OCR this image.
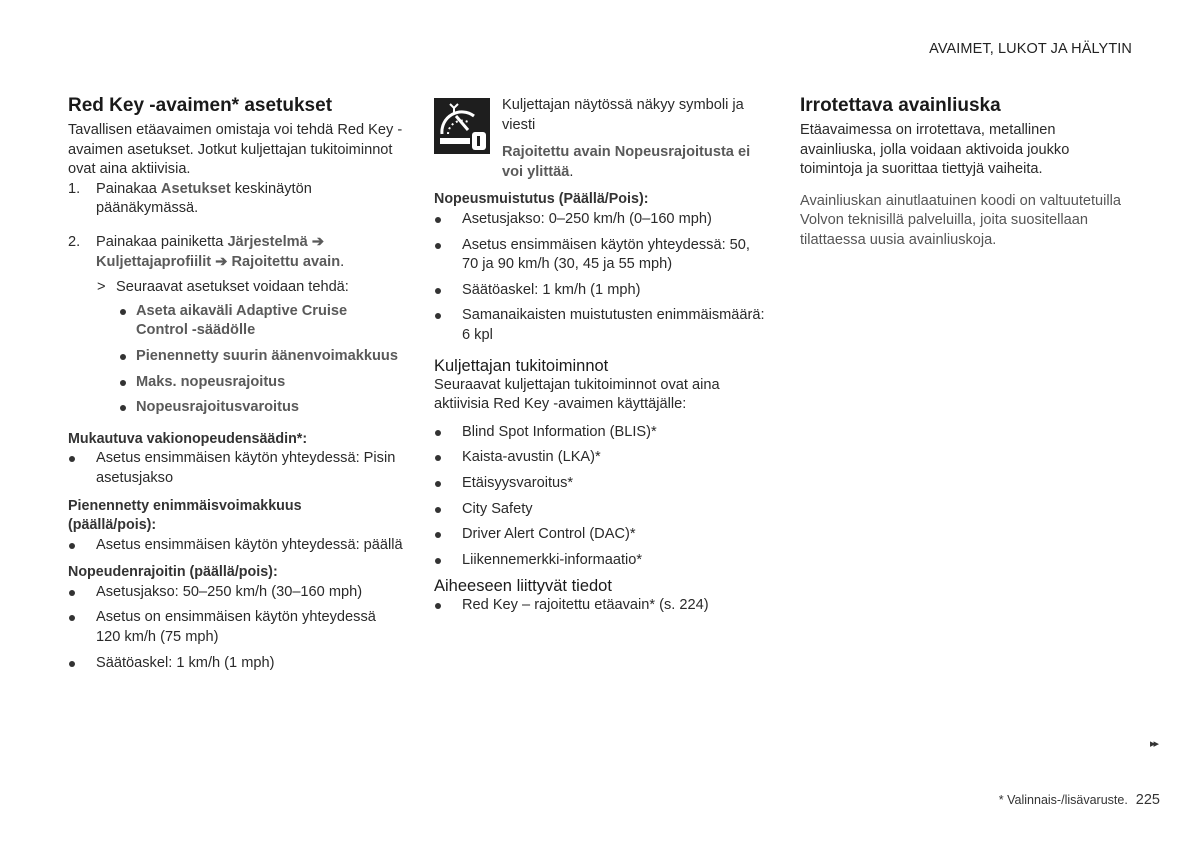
AVAIMET, LUKOT JA HÄLYTIN
Red Key -avaimen* asetukset

Tavallisen etäavaimen omistaja voi tehdä Red Key -avaimen asetukset. Jotkut kuljettajan tukitoiminnot ovat aina aktiivisia.

1. Painakaa Asetukset keskinäytön päänäkymässä.
2. Painakaa painiketta Järjestelmä ➔
Kuljettajaprofiilit ➔ Rajoitettu avain.
> Seuraavat asetukset voidaan tehdä:
Aseta aikaväli Adaptive Cruise Control -säädölle
Pienennetty suurin äänenvoimakkuus
Maks. nopeusrajoitus
Nopeusrajoitusvaroitus
Mukautuva vakionopeudensäädin*:
Asetus ensimmäisen käytön yhteydessä: Pisin asetusjakso
Pienennetty enimmäisvoimakkuus (päällä/pois):
Asetus ensimmäisen käytön yhteydessä: päällä
Nopeudenrajoitin (päällä/pois):
Asetusjakso: 50–250 km/h (30–160 mph)
Asetus on ensimmäisen käytön yhteydessä 120 km/h (75 mph)
Säätöaskel: 1 km/h (1 mph)

Kuljettajan näytössä näkyy symboli ja viesti

Rajoitettu avain Nopeusrajoitusta ei voi ylittää.

Nopeusmuistutus (Päällä/Pois):
Asetusjakso: 0–250 km/h (0–160 mph)
Asetus ensimmäisen käytön yhteydessä: 50, 70 ja 90 km/h (30, 45 ja 55 mph)
Säätöaskel: 1 km/h (1 mph)
Samanaikaisten muistutusten enimmäismäärä: 6 kpl
Kuljettajan tukitoiminnot

Seuraavat kuljettajan tukitoiminnot ovat aina aktiivisia Red Key -avaimen käyttäjälle:

Blind Spot Information (BLIS)*
Kaista-avustin (LKA)*
Etäisyysvaroitus*
City Safety
Driver Alert Control (DAC)*
Liikennemerkki-informaatio*
Aiheeseen liittyvät tiedot
Red Key – rajoitettu etäavain* (s. 224)
Irrotettava avainliuska

Etäavaimessa on irrotettava, metallinen avainliuska, jolla voidaan aktivoida joukko toimintoja ja suorittaa tiettyjä vaiheita.

Avainliuskan ainutlaatuinen koodi on valtuutetuilla Volvon teknisillä palveluilla, joita suositellaan tilattaessa uusia avainliuskoja.

▸▸
* Valinnais-/lisävaruste. 225
